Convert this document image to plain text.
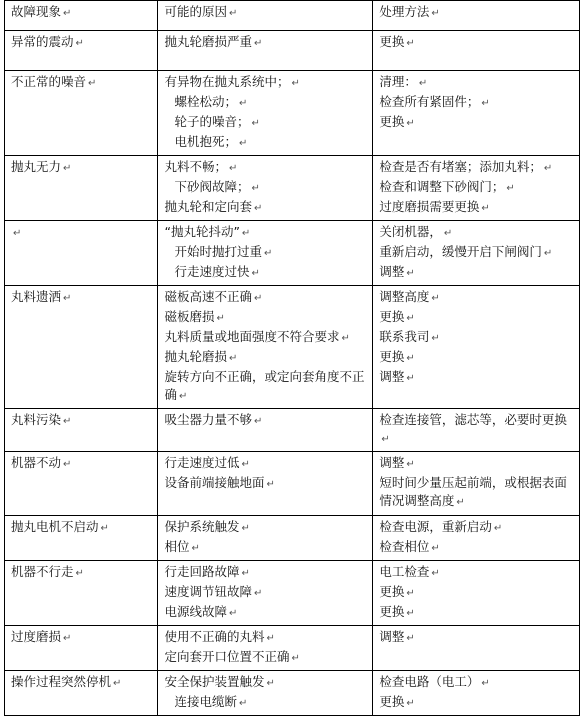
故障现象 ↵	可能的原因 ↵	处理方法 ↵

异常的震动 ↵	抛丸轮磨损严重 ↵	更换 ↵

不正常的噪音 ↵	有异物在抛丸系统中； ↵
螺栓松动； ↵
轮子的噪音； ↵
电机抱死； ↵	清理： ↵
检查所有紧固件； ↵
更换 ↵

抛丸无力 ↵	丸料不畅； ↵
下砂阀故障； ↵
抛丸轮和定向套 ↵	检查是否有堵塞；添加丸料； ↵
检查和调整下砂阀门； ↵
过度磨损需要更换 ↵

↵	“抛丸轮抖动” ↵
开始时抛打过重 ↵
行走速度过快 ↵	关闭机器， ↵
重新启动，缓慢开启下闸阀门 ↵
调整 ↵

丸料遗洒 ↵	磁板高速不正确 ↵
磁板磨损 ↵
丸料质量或地面强度不符合要求 ↵
抛丸轮磨损 ↵
旋转方向不正确，或定向套角度不正确 ↵	调整高度 ↵
更换 ↵
联系我司 ↵
更换 ↵
调整 ↵

丸料污染 ↵	吸尘器力量不够 ↵	检查连接管，滤芯等，必要时更换↵

机器不动 ↵	行走速度过低 ↵
设备前端接触地面 ↵	调整 ↵
短时间少量压起前端，或根据表面情况调整高度 ↵

抛丸电机不启动 ↵	保护系统触发 ↵
相位 ↵	检查电源，重新启动 ↵
检查相位 ↵

机器不行走 ↵	行走回路故障 ↵
速度调节钮故障 ↵
电源线故障 ↵	电工检查 ↵
更换 ↵
更换 ↵

过度磨损 ↵	使用不正确的丸料 ↵
定向套开口位置不正确 ↵	调整 ↵

操作过程突然停机 ↵	安全保护装置触发 ↵
连接电缆断 ↵	检查电路（电工） ↵
更换 ↵
